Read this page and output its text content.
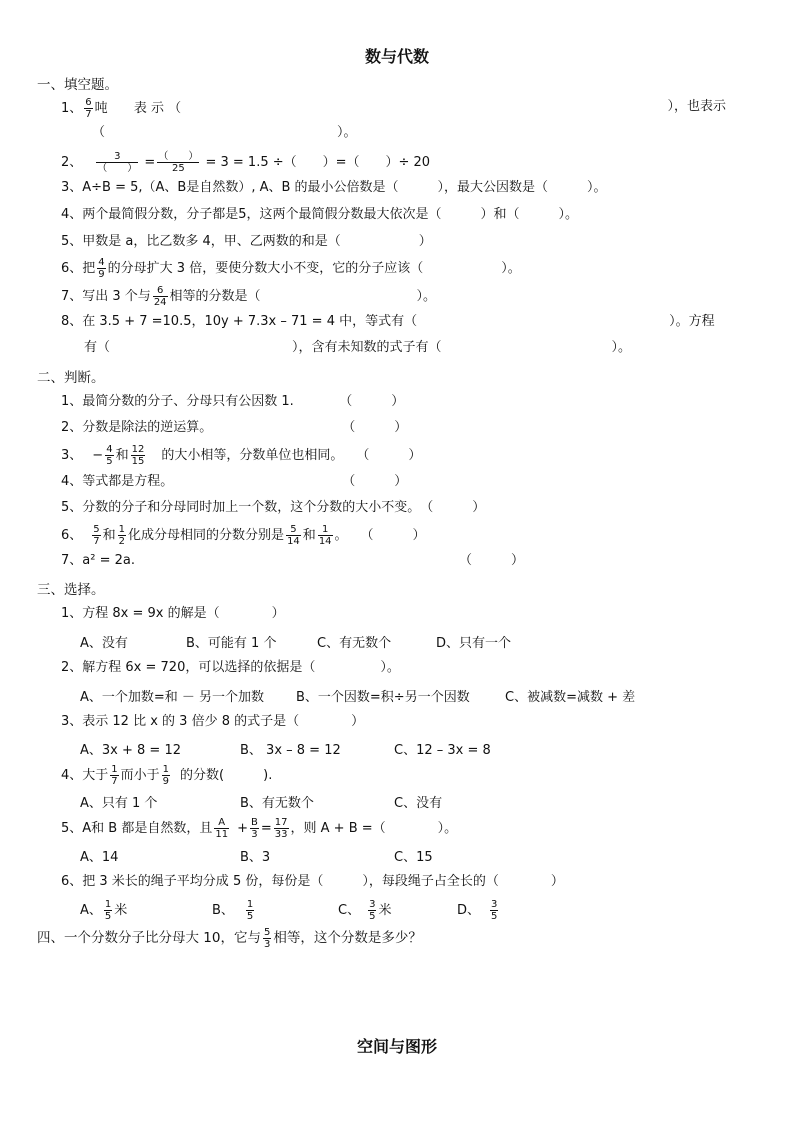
数与代数
一、填空题。
1、 $\frac{6}{7}$ 吨 表 示 （	），也表示
（	）。
2、 $\frac{3}{( )} = \frac{( )}{25} = 3 = 1.5$ ÷（　　）=（　　）÷ 20
3、A÷B = 5,（A、B是自然数）, A、B 的最小公倍数是（　　　），最大公因数是（　　　）。
4、两个最简假分数，分子都是5，这两个最简假分数最大依次是（　　　）和（　　　）。
5、甲数是 a，比乙数多 4，甲、乙两数的和是（　　　　　　）
6、把 $\frac{4}{9}$ 的分母扩大 3 倍，要使分数大小不变，它的分子应该（　　　　　　）。
7、写出 3 个与 $\frac{6}{24}$ 相等的分数是（　　　　　　　　　　　　）。
8、在 3.5 + 7 =10.5，10y + 7.3x – 71 = 4 中，等式有（	）。方程
有（	），含有未知数的式子有（	）。
二、判断。
1、最简分数的分子、分母只有公因数 1.　　　　（　　　）
2、分数是除法的逆运算。　　　　　　　　　　　（　　　）
3、 − $\frac{4}{5}$ 和 $\frac{12}{15}$ 的大小相等，分数单位也相同。　　（　　　）
4、等式都是方程。　　　　　　　　　　　　　　（　　　）
5、分数的分子和分母同时加上一个数，这个分数的大小不变。　（　　　）
6、 $\frac{5}{7}$ 和 $\frac{1}{2}$ 化成分母相同的分数分别是 $\frac{5}{14}$ 和 $\frac{1}{14}$ 。　　（　　　）
7、a² = 2a.	（　　　）
三、选择。
1、方程 8x = 9x 的解是（　　　　）
A、没有	B、可能有 1 个	C、有无数个	D、只有一个
2、解方程 6x = 720，可以选择的依据是（　　　　　）。
A、一个加数=和 － 另一个加数 B、一个因数=积÷另一个因数	C、被减数=减数 + 差
3、表示 12 比 x 的 3 倍少 8 的式子是（　　　　）
A、3x + 8 = 12	B、 3x – 8 = 12	C、12 – 3x = 8
4、大于 $\frac{1}{7}$ 而小于 $\frac{1}{9}$ 的分数(　　　).
A、只有 1 个	B、有无数个	C、没有
5、A和 B 都是自然数，且 $\frac{A}{11} + \frac{B}{3} = \frac{17}{33}$ ，则 A + B =（　　　　）。
A、14	B、3	C、15
6、把 3 米长的绳子平均分成 5 份，每份是（　　　），每段绳子占全长的（　　　　）
A、 $\frac{1}{5}$ 米	B、 $\frac{1}{5}$	C、 $\frac{3}{5}$ 米	D、 $\frac{3}{5}$
四、一个分数分子比分母大 10，它与 $\frac{5}{3}$ 相等，这个分数是多少？
空间与图形
